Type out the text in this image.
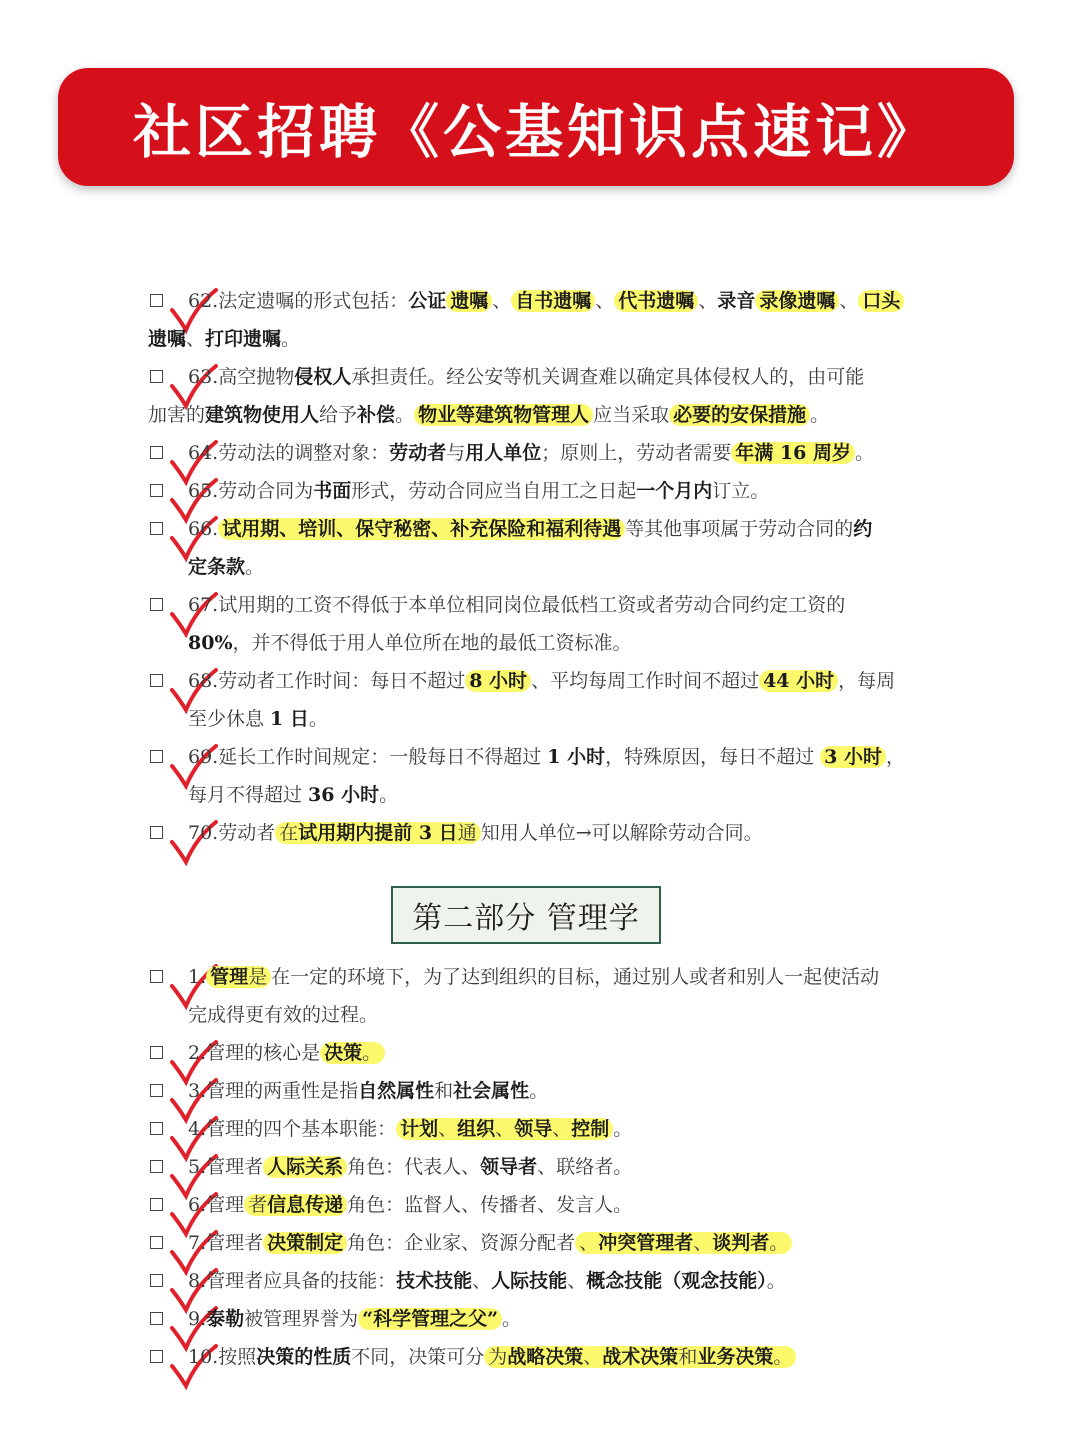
社区招聘《公基知识点速记》
62.法定遗嘱的形式包括：公证 遗嘱 、 自书遗嘱 、 代书遗嘱 、录音 录像遗嘱 、 口头
遗嘱、打印遗嘱。
63.高空抛物侵权人承担责任。经公安等机关调查难以确定具体侵权人的，由可能
加害的建筑物使用人给予补偿。 物业等建筑物管理人 应当采取 必要的安保措施 。
64.劳动法的调整对象：劳动者与用人单位；原则上，劳动者需要 年满 16 周岁 。
65.劳动合同为书面形式，劳动合同应当自用工之日起一个月内订立。
66. 试用期、培训、保守秘密、补充保险和福利待遇 等其他事项属于劳动合同的约
定条款。
67.试用期的工资不得低于本单位相同岗位最低档工资或者劳动合同约定工资的
80%，并不得低于用人单位所在地的最低工资标准。
68.劳动者工作时间：每日不超过 8 小时 、平均每周工作时间不超过 44 小时 ，每周
至少休息 1 日。
69.延长工作时间规定：一般每日不得超过 1 小时，特殊原因，每日不超过 3 小时 ，
每月不得超过 36 小时。
70.劳动者 在试用期内提前 3 日通 知用人单位→可以解除劳动合同。
第二部分 管理学
1. 管理是 在一定的环境下，为了达到组织的目标，通过别人或者和别人一起使活动
完成得更有效的过程。
2.管理的核心是 决策。
3.管理的两重性是指自然属性和社会属性。
4.管理的四个基本职能： 计划、组织、领导、控制 。
5.管理者 人际关系 角色：代表人、领导者、联络者。
6.管理 者信息传递 角色：监督人、传播者、发言人。
7.管理者 决策制定 角色：企业家、资源分配者 、冲突管理者、谈判者。
8.管理者应具备的技能：技术技能、人际技能、概念技能（观念技能）。
9.泰勒被管理界誉为 “科学管理之父” 。
10.按照决策的性质不同，决策可分 为战略决策、战术决策和业务决策。
